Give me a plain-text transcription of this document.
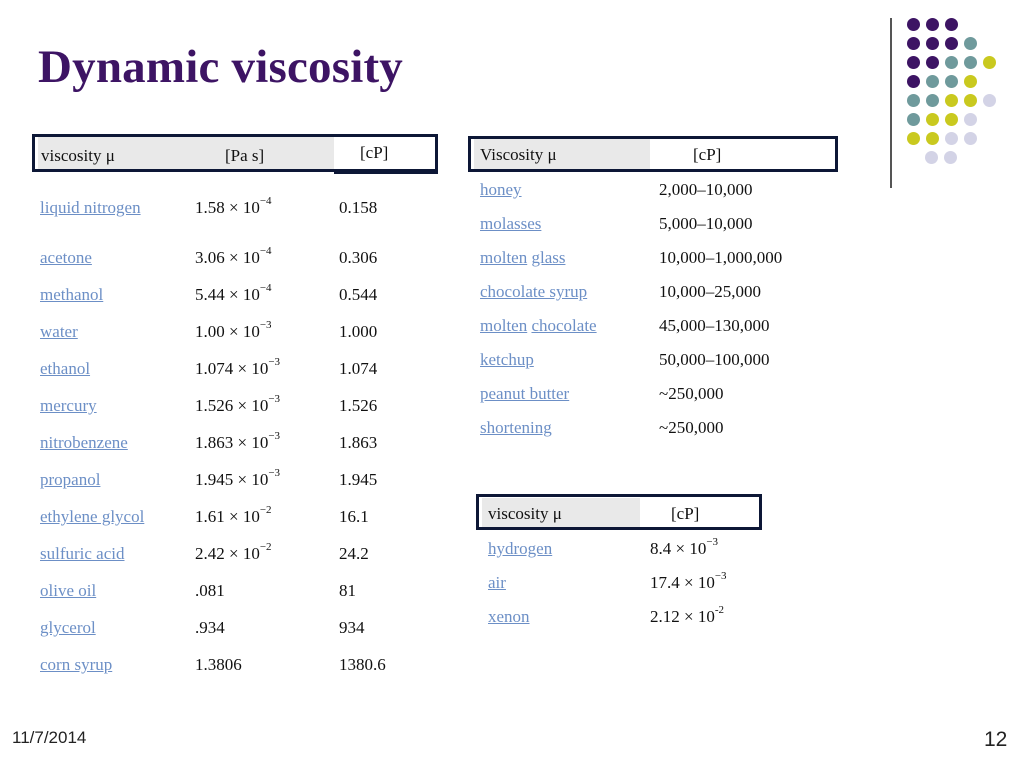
Dynamic viscosity
viscosity μ	[Pa s]	[cP]
liquid nitrogen	$1.58 \times 10^{-4}$	0.158
acetone	$3.06 \times 10^{-4}$	0.306
methanol	$5.44 \times 10^{-4}$	0.544
water	$1.00 \times 10^{-3}$	1.000
ethanol	$1.074 \times 10^{-3}$	1.074
mercury	$1.526 \times 10^{-3}$	1.526
nitrobenzene	$1.863 \times 10^{-3}$	1.863
propanol	$1.945 \times 10^{-3}$	1.945
ethylene glycol	$1.61 \times 10^{-2}$	16.1
sulfuric acid	$2.42 \times 10^{-2}$	24.2
olive oil	.081	81
glycerol	.934	934
corn syrup	1.3806	1380.6
Viscosity μ	[cP]
honey	2,000–10,000
molasses	5,000–10,000
molten glass	10,000–1,000,000
chocolate syrup	10,000–25,000
molten chocolate	45,000–130,000
ketchup	50,000–100,000
peanut butter	~250,000
shortening	~250,000
viscosity μ	[cP]
hydrogen	$8.4 \times 10^{-3}$
air	$17.4 \times 10^{-3}$
xenon	$2.12 \times 10^{-2}$
11/7/2014	12
